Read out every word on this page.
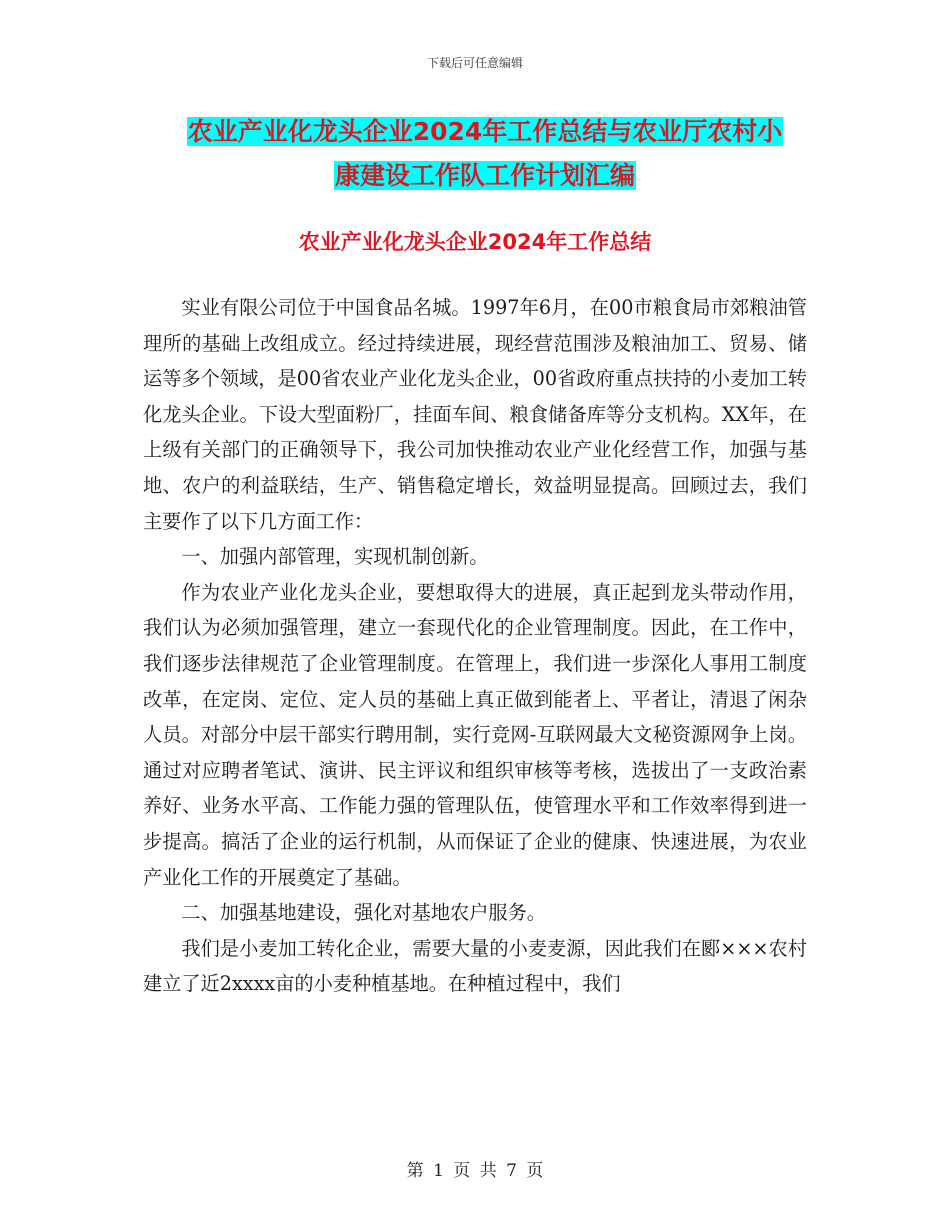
下载后可任意编辑
农业产业化龙头企业2024年工作总结与农业厅农村小
康建设工作队工作计划汇编
农业产业化龙头企业2024年工作总结

实业有限公司位于中国食品名城。1997年6月，在00市粮食局市郊粮油管理所的基础上改组成立。经过持续进展，现经营范围涉及粮油加工、贸易、储运等多个领域，是00省农业产业化龙头企业，00省政府重点扶持的小麦加工转化龙头企业。下设大型面粉厂，挂面车间、粮食储备库等分支机构。XX年，在上级有关部门的正确领导下，我公司加快推动农业产业化经营工作，加强与基地、农户的利益联结，生产、销售稳定增长，效益明显提高。回顾过去，我们主要作了以下几方面工作：

一、加强内部管理，实现机制创新。

作为农业产业化龙头企业，要想取得大的进展，真正起到龙头带动作用，我们认为必须加强管理，建立一套现代化的企业管理制度。因此，在工作中，我们逐步法律规范了企业管理制度。在管理上，我们进一步深化人事用工制度改革，在定岗、定位、定人员的基础上真正做到能者上、平者让，清退了闲杂人员。对部分中层干部实行聘用制，实行竞网-互联网最大文秘资源网争上岗。通过对应聘者笔试、演讲、民主评议和组织审核等考核，选拔出了一支政治素养好、业务水平高、工作能力强的管理队伍，使管理水平和工作效率得到进一步提高。搞活了企业的运行机制，从而保证了企业的健康、快速进展，为农业产业化工作的开展奠定了基础。

二、加强基地建设，强化对基地农户服务。

我们是小麦加工转化企业，需要大量的小麦麦源，因此我们在郾×××农村建立了近2xxxx亩的小麦种植基地。在种植过程中，我们

第 1 页 共 7 页
